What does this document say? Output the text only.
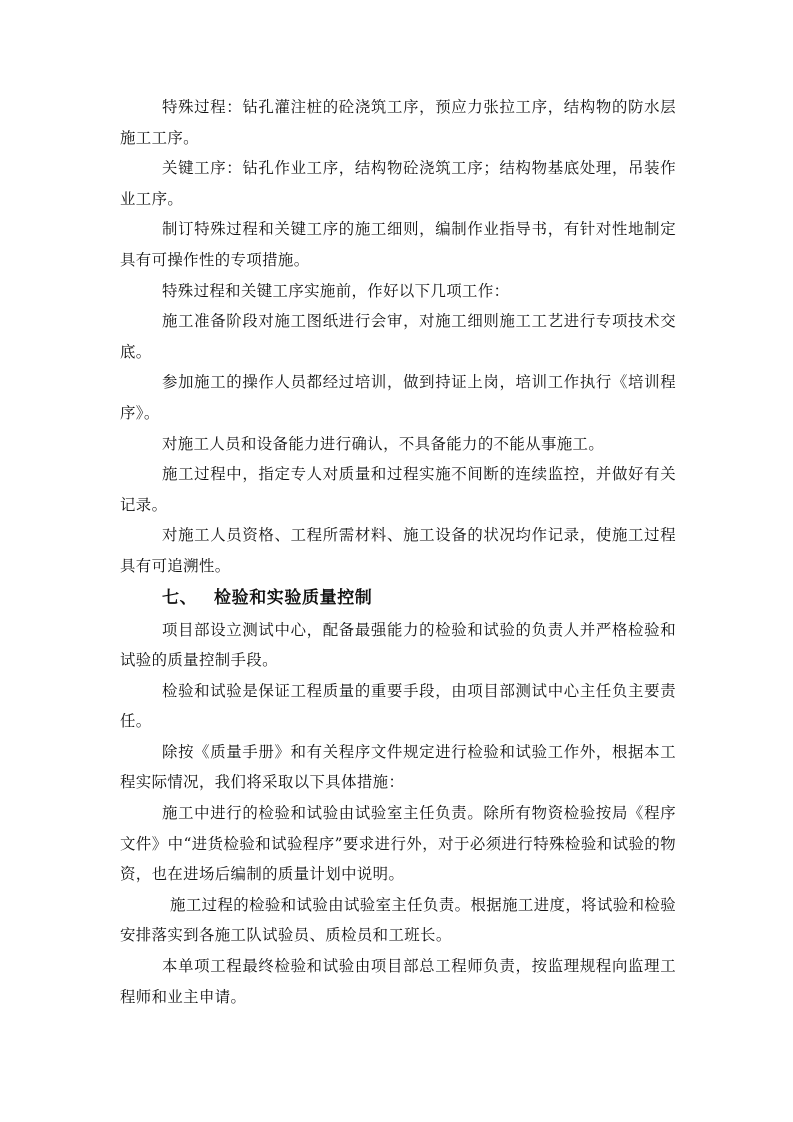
特殊过程：钻孔灌注桩的砼浇筑工序，预应力张拉工序，结构物的防水层施工工序。

关键工序：钻孔作业工序，结构物砼浇筑工序；结构物基底处理，吊装作业工序。

制订特殊过程和关键工序的施工细则，编制作业指导书，有针对性地制定具有可操作性的专项措施。

特殊过程和关键工序实施前，作好以下几项工作：

施工准备阶段对施工图纸进行会审，对施工细则施工工艺进行专项技术交底。

参加施工的操作人员都经过培训，做到持证上岗，培训工作执行《培训程序》。

对施工人员和设备能力进行确认，不具备能力的不能从事施工。

施工过程中，指定专人对质量和过程实施不间断的连续监控，并做好有关记录。

对施工人员资格、工程所需材料、施工设备的状况均作记录，使施工过程具有可追溯性。

七、 检验和实验质量控制

项目部设立测试中心，配备最强能力的检验和试验的负责人并严格检验和试验的质量控制手段。

检验和试验是保证工程质量的重要手段，由项目部测试中心主任负主要责任。

除按《质量手册》和有关程序文件规定进行检验和试验工作外，根据本工程实际情况，我们将采取以下具体措施：

施工中进行的检验和试验由试验室主任负责。除所有物资检验按局《程序文件》中“进货检验和试验程序”要求进行外，对于必须进行特殊检验和试验的物资，也在进场后编制的质量计划中说明。

施工过程的检验和试验由试验室主任负责。根据施工进度，将试验和检验安排落实到各施工队试验员、质检员和工班长。

本单项工程最终检验和试验由项目部总工程师负责，按监理规程向监理工程师和业主申请。
